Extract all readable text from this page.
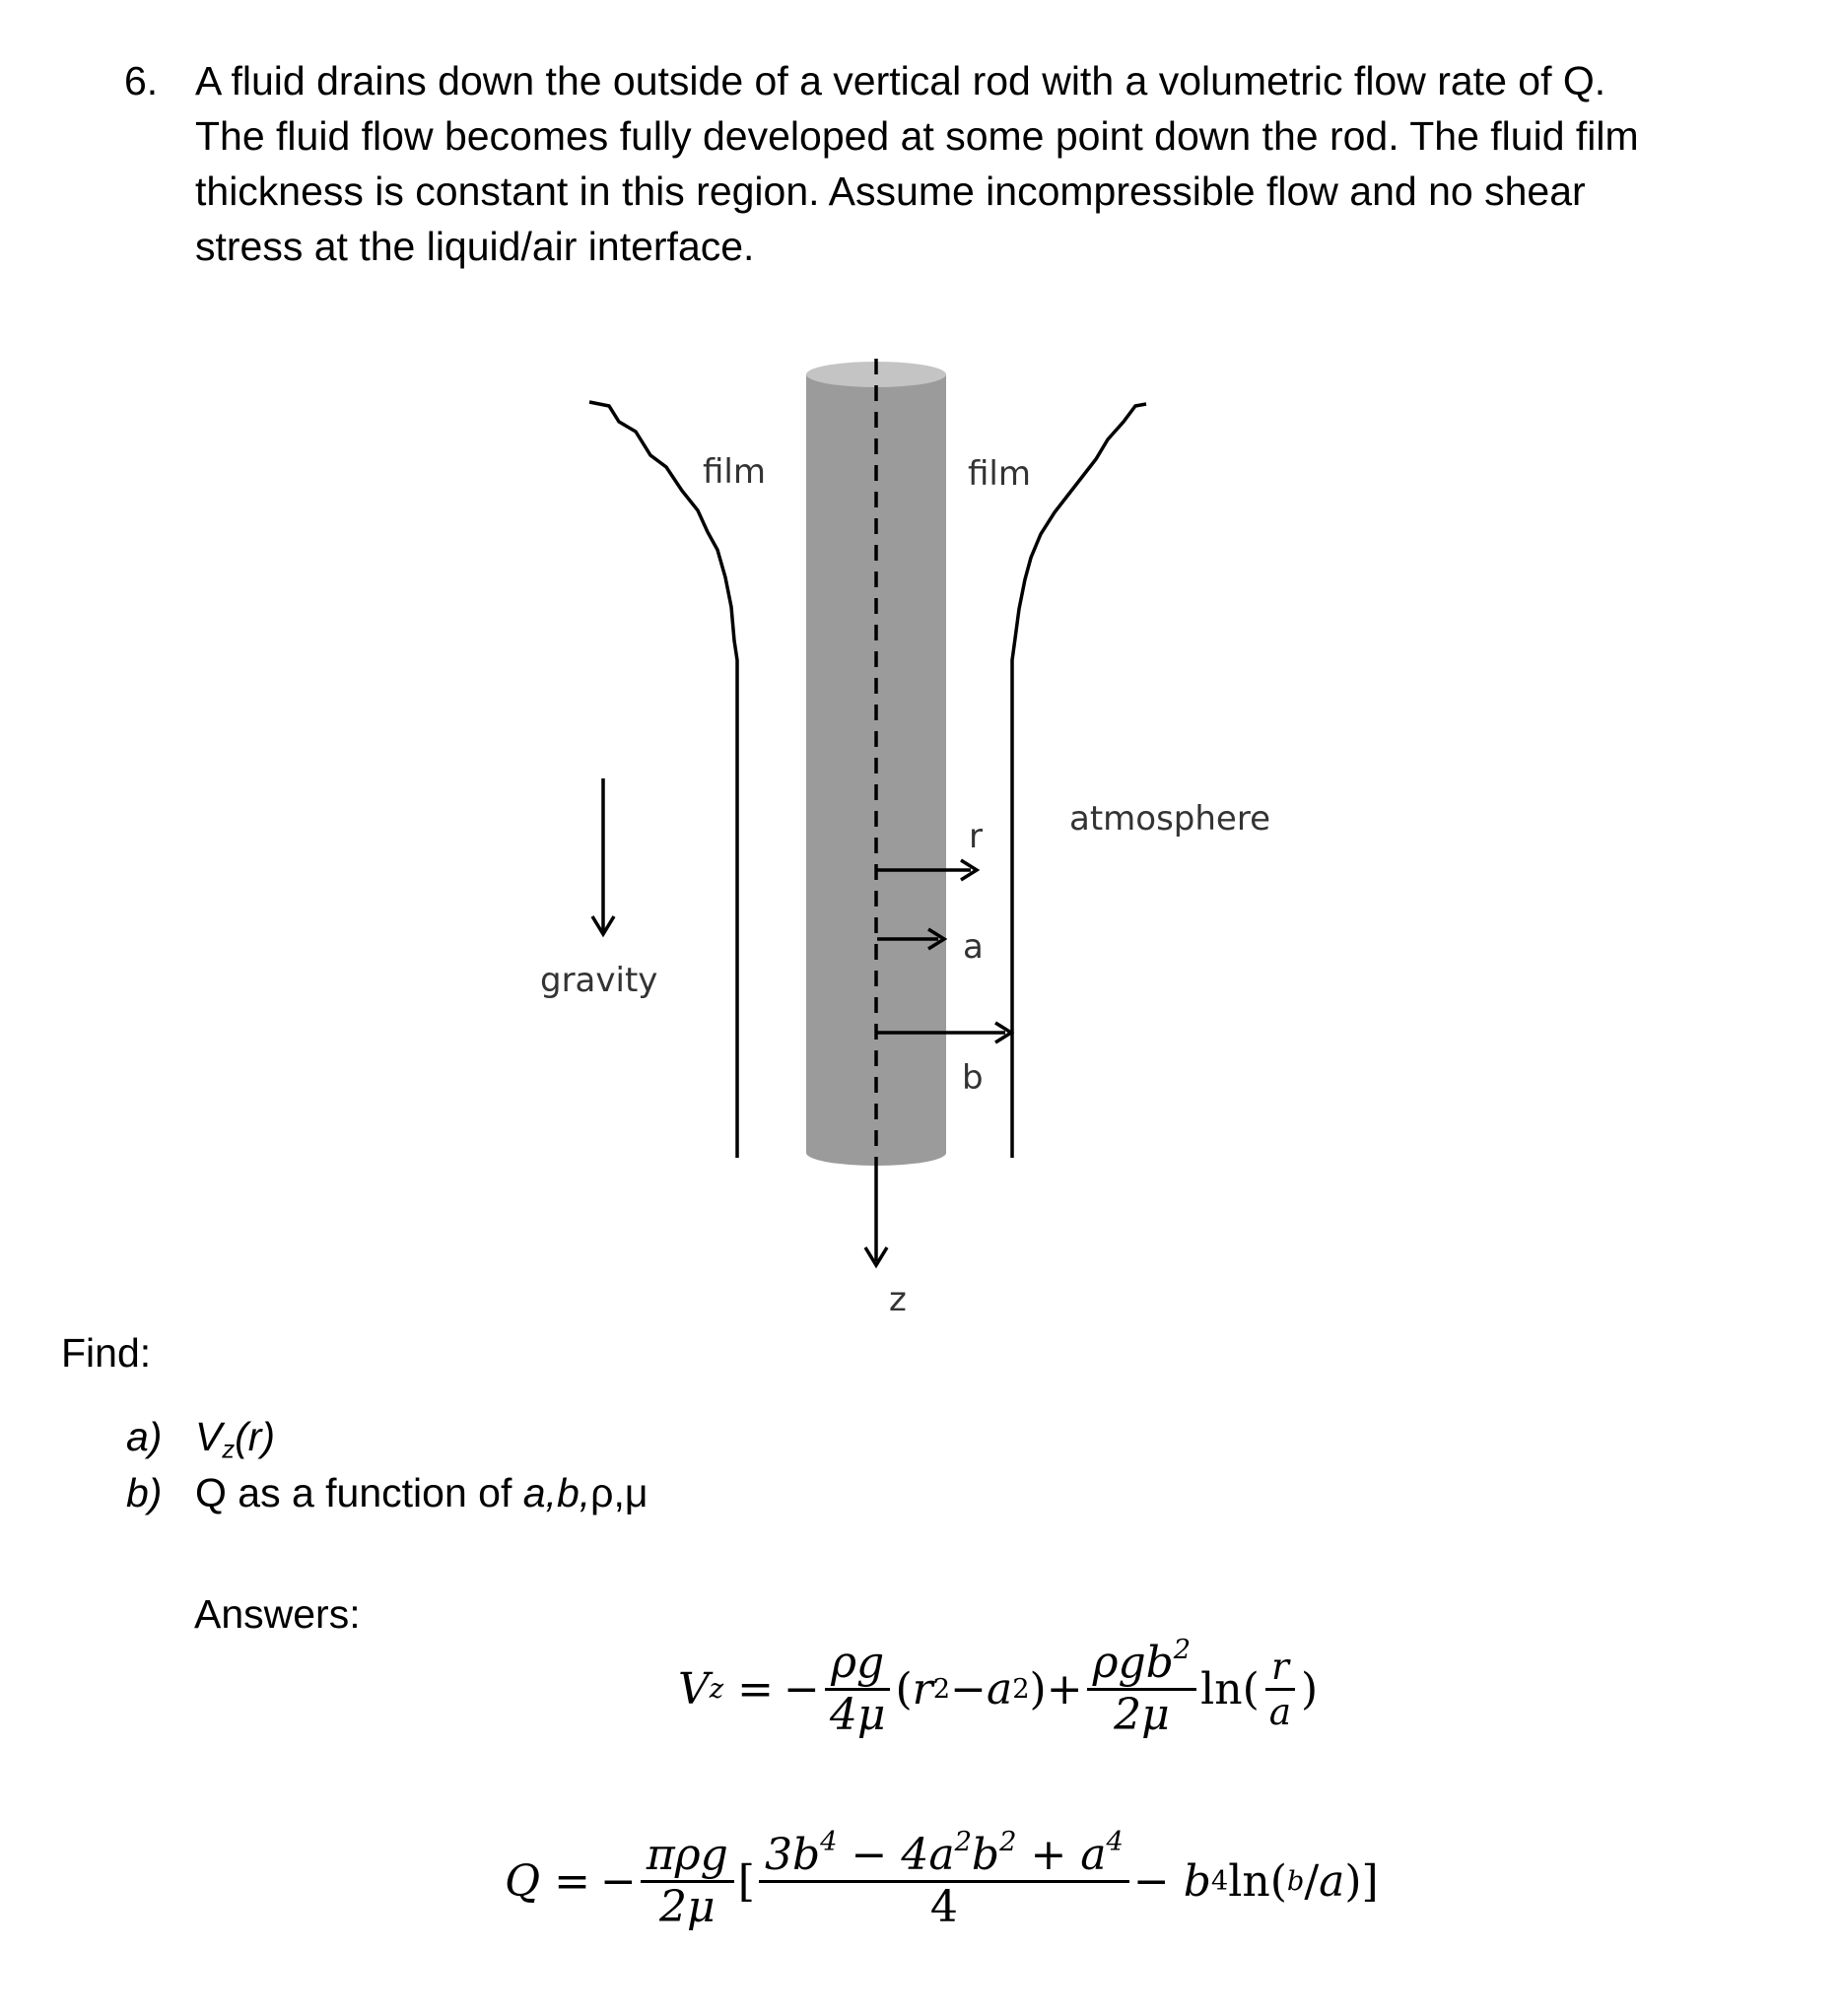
6. A fluid drains down the outside of a vertical rod with a volumetric flow rate of Q.
The fluid flow becomes fully developed at some point down the rod. The fluid film
thickness is constant in this region. Assume incompressible flow and no shear
stress at the liquid/air interface.
film	film
atmosphere
gravity
r
a
b
z
Find:
a) $V_z(r)$
b) Q as a function of a,b,ρ,μ
Answers:
V z = − $\frac{\rho g}{4\mu}$ ( r 2 − a 2 ) + $\frac{\rho gb^2}{2\mu} \ln( \frac{r}{a}$ )
Q = − $\frac{\text{πρg}}{2\mu}$ [ $\frac{3b^4 - 4a^2b^2 + a^4}{4} - b$ 4 ln( b / a )]
